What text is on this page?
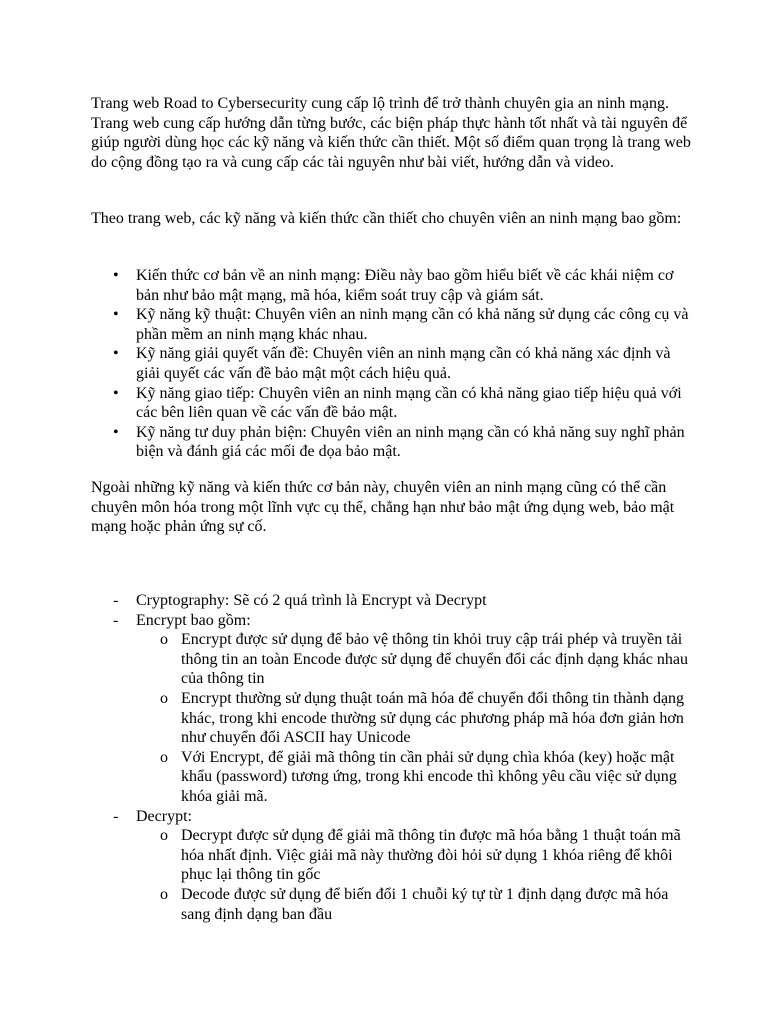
Trang web Road to Cybersecurity cung cấp lộ trình để trở thành chuyên gia an ninh mạng. Trang web cung cấp hướng dẫn từng bước, các biện pháp thực hành tốt nhất và tài nguyên để giúp người dùng học các kỹ năng và kiến thức cần thiết. Một số điểm quan trọng là trang web do cộng đồng tạo ra và cung cấp các tài nguyên như bài viết, hướng dẫn và video.

Theo trang web, các kỹ năng và kiến thức cần thiết cho chuyên viên an ninh mạng bao gồm:

• Kiến thức cơ bản về an ninh mạng: Điều này bao gồm hiểu biết về các khái niệm cơ bản như bảo mật mạng, mã hóa, kiểm soát truy cập và giám sát.
• Kỹ năng kỹ thuật: Chuyên viên an ninh mạng cần có khả năng sử dụng các công cụ và phần mềm an ninh mạng khác nhau.
• Kỹ năng giải quyết vấn đề: Chuyên viên an ninh mạng cần có khả năng xác định và giải quyết các vấn đề bảo mật một cách hiệu quả.
• Kỹ năng giao tiếp: Chuyên viên an ninh mạng cần có khả năng giao tiếp hiệu quả với các bên liên quan về các vấn đề bảo mật.
• Kỹ năng tư duy phản biện: Chuyên viên an ninh mạng cần có khả năng suy nghĩ phản biện và đánh giá các mối đe dọa bảo mật.

Ngoài những kỹ năng và kiến thức cơ bản này, chuyên viên an ninh mạng cũng có thể cần chuyên môn hóa trong một lĩnh vực cụ thể, chẳng hạn như bảo mật ứng dụng web, bảo mật mạng hoặc phản ứng sự cố.

- Cryptography: Sẽ có 2 quá trình là Encrypt và Decrypt
- Encrypt bao gồm:
o Encrypt được sử dụng để bảo vệ thông tin khỏi truy cập trái phép và truyền tải thông tin an toàn Encode được sử dụng để chuyển đổi các định dạng khác nhau của thông tin
o Encrypt thường sử dụng thuật toán mã hóa để chuyển đổi thông tin thành dạng khác, trong khi encode thường sử dụng các phương pháp mã hóa đơn giản hơn như chuyển đổi ASCII hay Unicode
o Với Encrypt, để giải mã thông tin cần phải sử dụng chìa khóa (key) hoặc mật khẩu (password) tương ứng, trong khi encode thì không yêu cầu việc sử dụng khóa giải mã.
- Decrypt:
o Decrypt được sử dụng để giải mã thông tin được mã hóa bằng 1 thuật toán mã hóa nhất định. Việc giải mã này thường đòi hỏi sử dụng 1 khóa riêng để khôi phục lại thông tin gốc
o Decode được sử dụng để biến đổi 1 chuỗi ký tự từ 1 định dạng được mã hóa sang định dạng ban đầu
